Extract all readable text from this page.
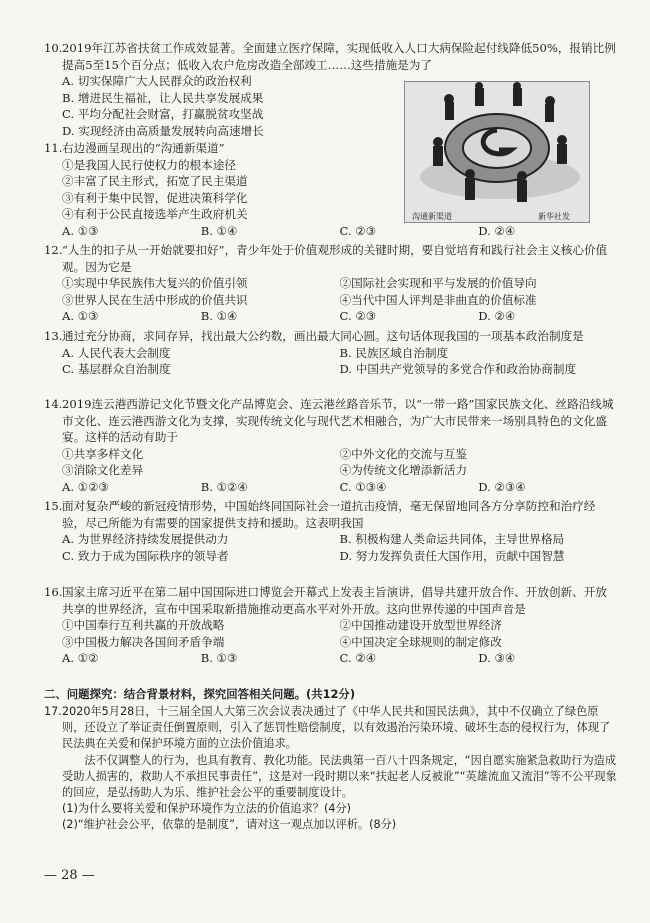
10. 2019年江苏省扶贫工作成效显著。全面建立医疗保障，实现低收入人口大病保险起付线降低50%，报销比例提高5至15个百分点；低收入农户危房改造全部竣工……这些措施是为了

A. 切实保障广大人民群众的政治权利
B. 增进民生福祉，让人民共享发展成果
C. 平均分配社会财富，打赢脱贫攻坚战
D. 实现经济由高质量发展转向高速增长
沟通新渠道	新华社发
11. 右边漫画呈现出的“沟通新渠道”

①是我国人民行使权力的根本途径
②丰富了民主形式，拓宽了民主渠道
③有利于集中民智，促进决策科学化
④有利于公民直接选举产生政府机关
A. ①③	B. ①④	C. ②③	D. ②④
12. “人生的扣子从一开始就要扣好”，青少年处于价值观形成的关键时期，要自觉培育和践行社会主义核心价值观。因为它是

①实现中华民族伟大复兴的价值引领	②国际社会实现和平与发展的价值导向
③世界人民在生活中形成的价值共识	④当代中国人评判是非曲直的价值标准
A. ①③	B. ①④	C. ②③	D. ②④
13. 通过充分协商，求同存异，找出最大公约数，画出最大同心圆。这句话体现我国的一项基本政治制度是

A. 人民代表大会制度	B. 民族区域自治制度
C. 基层群众自治制度	D. 中国共产党领导的多党合作和政治协商制度
14. 2019连云港西游记文化节暨文化产品博览会、连云港丝路音乐节，以“一带一路”国家民族文化、丝路沿线城市文化、连云港西游文化为支撑，实现传统文化与现代艺术相融合，为广大市民带来一场别具特色的文化盛宴。这样的活动有助于

①共享多样文化	②中外文化的交流与互鉴
③消除文化差异	④为传统文化增添新活力
A. ①②③	B. ①②④	C. ①③④	D. ②③④
15. 面对复杂严峻的新冠疫情形势，中国始终同国际社会一道抗击疫情，毫无保留地同各方分享防控和治疗经验，尽己所能为有需要的国家提供支持和援助。这表明我国

A. 为世界经济持续发展提供动力	B. 积极构建人类命运共同体，主导世界格局
C. 致力于成为国际秩序的领导者	D. 努力发挥负责任大国作用，贡献中国智慧
16. 国家主席习近平在第二届中国国际进口博览会开幕式上发表主旨演讲，倡导共建开放合作、开放创新、开放共享的世界经济，宣布中国采取新措施推动更高水平对外开放。这向世界传递的中国声音是

①中国奉行互利共赢的开放战略	②中国推动建设开放型世界经济
③中国极力解决各国间矛盾争端	④中国决定全球规则的制定修改
A. ①②	B. ①③	C. ②④	D. ③④
二、问题探究：结合背景材料，探究回答相关问题。(共12分)
17. 2020年5月28日，十三届全国人大第三次会议表决通过了《中华人民共和国民法典》，其中不仅确立了绿色原则，还设立了举证责任倒置原则，引入了惩罚性赔偿制度，以有效遏治污染环境、破坏生态的侵权行为，体现了民法典在关爱和保护环境方面的立法价值追求。

法不仅调整人的行为，也具有教育、教化功能。民法典第一百八十四条规定，“因自愿实施紧急救助行为造成受助人损害的，救助人不承担民事责任”，这是对一段时期以来“扶起老人反被讹”“英雄流血又流泪”等不公平现象的回应，是弘扬助人为乐、维护社会公平的重要制度设计。

(1)为什么要将关爱和保护环境作为立法的价值追求？(4分)
(2)“维护社会公平，依靠的是制度”，请对这一观点加以评析。(8分)
— 28 —
